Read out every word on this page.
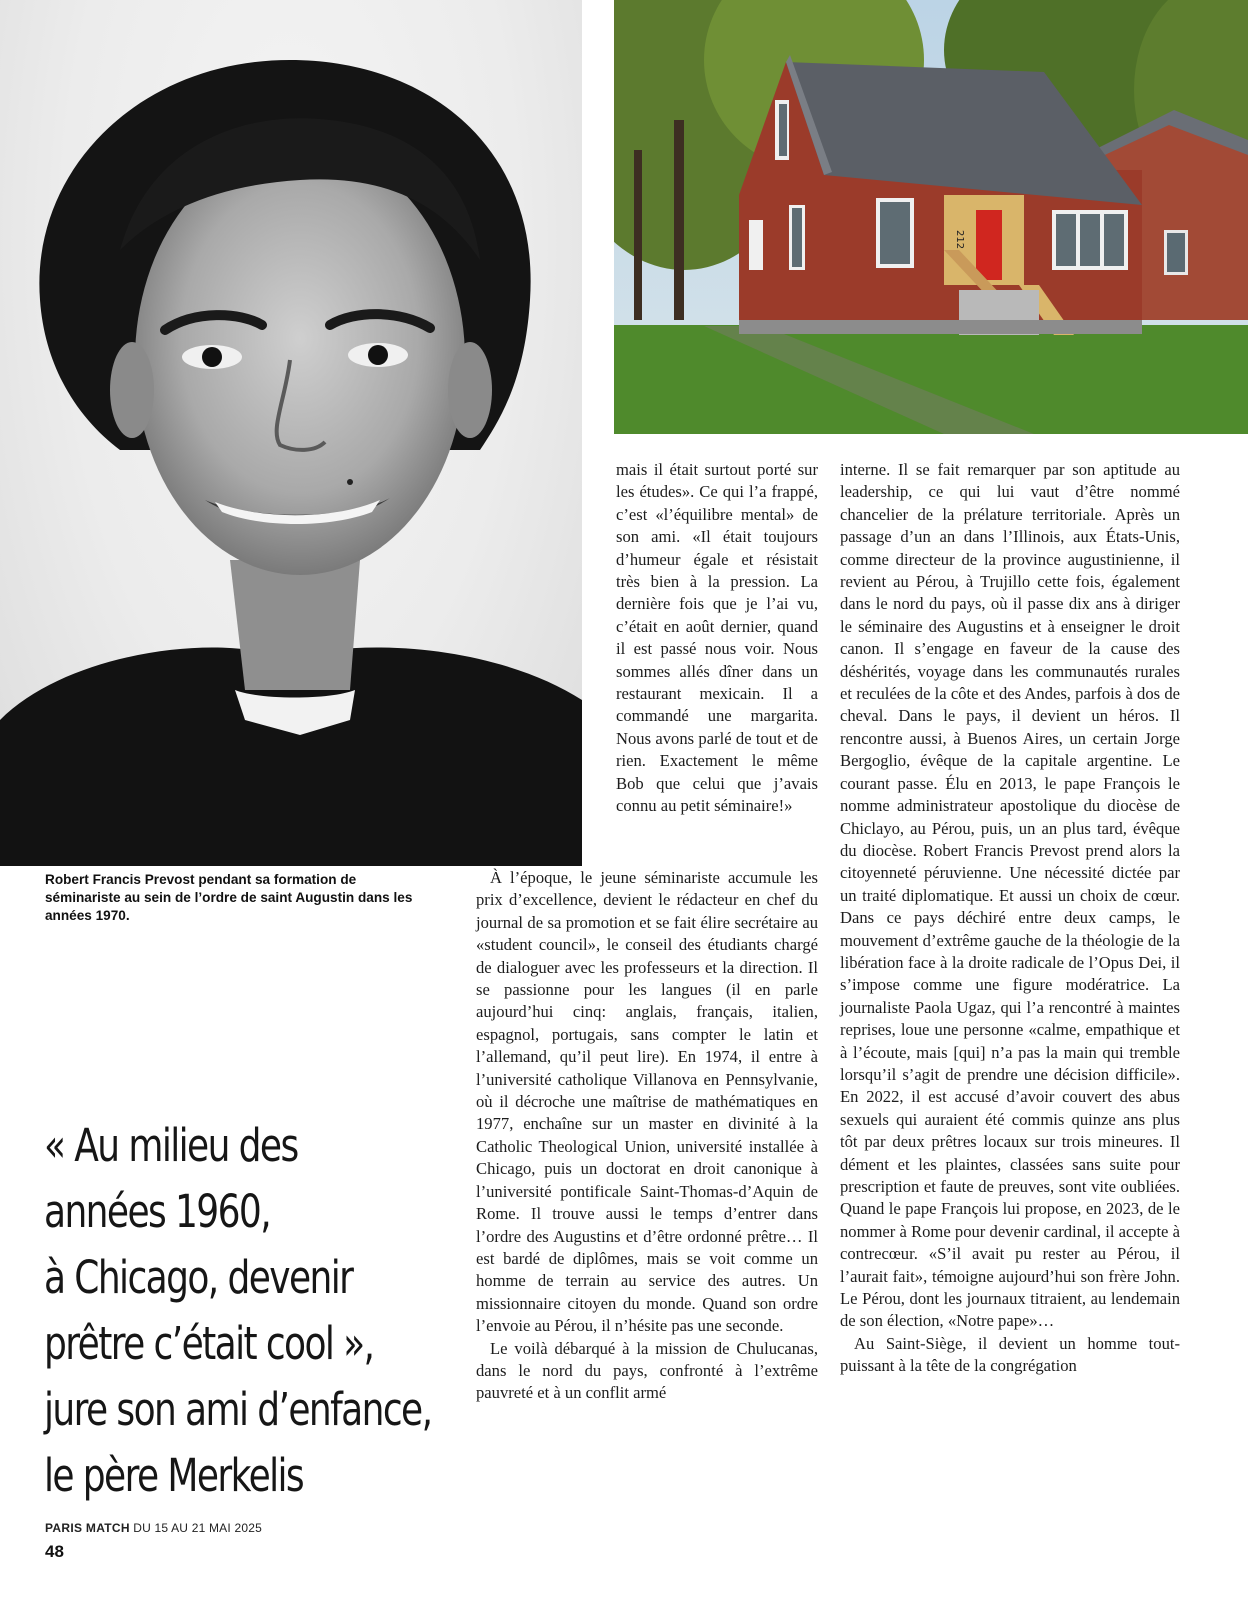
Robert Francis Prevost pendant sa formation de séminariste au sein de l’ordre de saint Augustin dans les années 1970.
212

« Au milieu des

années 1960,

à Chicago, devenir

prêtre c’était cool »,

jure son ami d’enfance,

le père Merkelis

mais il était surtout porté sur les études». Ce qui l’a frappé, c’est «l’équilibre mental» de son ami. «Il était toujours d’humeur égale et résistait très bien à la pression. La dernière fois que je l’ai vu, c’était en août dernier, quand il est passé nous voir. Nous sommes allés dîner dans un restaurant mexicain. Il a commandé une margarita. Nous avons parlé de tout et de rien. Exactement le même Bob que celui que j’avais connu au petit séminaire!»

À l’époque, le jeune séminariste accumule les prix d’excellence, devient le rédacteur en chef du journal de sa promotion et se fait élire secrétaire au «student council», le conseil des étudiants chargé de dialoguer avec les professeurs et la direction. Il se passionne pour les langues (il en parle aujourd’hui cinq: anglais, français, italien, espagnol, portugais, sans compter le latin et l’allemand, qu’il peut lire). En 1974, il entre à l’université catholique Villanova en Pennsylvanie, où il décroche une maîtrise de mathématiques en 1977, enchaîne sur un master en divinité à la Catholic Theological Union, université installée à Chicago, puis un doctorat en droit canonique à l’université pontificale Saint-Thomas-d’Aquin de Rome. Il trouve aussi le temps d’entrer dans l’ordre des Augustins et d’être ordonné prêtre… Il est bardé de diplômes, mais se voit comme un homme de terrain au service des autres. Un missionnaire citoyen du monde. Quand son ordre l’envoie au Pérou, il n’hésite pas une seconde.

Le voilà débarqué à la mission de Chulucanas, dans le nord du pays, confronté à l’extrême pauvreté et à un conflit armé

interne. Il se fait remarquer par son aptitude au leadership, ce qui lui vaut d’être nommé chancelier de la prélature territoriale. Après un passage d’un an dans l’Illinois, aux États-Unis, comme directeur de la province augustinienne, il revient au Pérou, à Trujillo cette fois, également dans le nord du pays, où il passe dix ans à diriger le séminaire des Augustins et à enseigner le droit canon. Il s’engage en faveur de la cause des déshérités, voyage dans les communautés rurales et reculées de la côte et des Andes, parfois à dos de cheval. Dans le pays, il devient un héros. Il rencontre aussi, à Buenos Aires, un certain Jorge Bergoglio, évêque de la capitale argentine. Le courant passe. Élu en 2013, le pape François le nomme administrateur apostolique du diocèse de Chiclayo, au Pérou, puis, un an plus tard, évêque du diocèse. Robert Francis Prevost prend alors la citoyenneté péruvienne. Une nécessité dictée par un traité diplomatique. Et aussi un choix de cœur. Dans ce pays déchiré entre deux camps, le mouvement d’extrême gauche de la théologie de la libération face à la droite radicale de l’Opus Dei, il s’impose comme une figure modératrice. La journaliste Paola Ugaz, qui l’a rencontré à maintes reprises, loue une personne «calme, empathique et à l’écoute, mais [qui] n’a pas la main qui tremble lorsqu’il s’agit de prendre une décision difficile». En 2022, il est accusé d’avoir couvert des abus sexuels qui auraient été commis quinze ans plus tôt par deux prêtres locaux sur trois mineures. Il dément et les plaintes, classées sans suite pour prescription et faute de preuves, sont vite oubliées. Quand le pape François lui propose, en 2023, de le nommer à Rome pour devenir cardinal, il accepte à contrecœur. «S’il avait pu rester au Pérou, il l’aurait fait», témoigne aujourd’hui son frère John. Le Pérou, dont les journaux titraient, au lendemain de son élection, «Notre pape»…

Au Saint-Siège, il devient un homme tout-puissant à la tête de la congrégation

PARIS MATCH DU 15 AU 21 MAI 2025
48
